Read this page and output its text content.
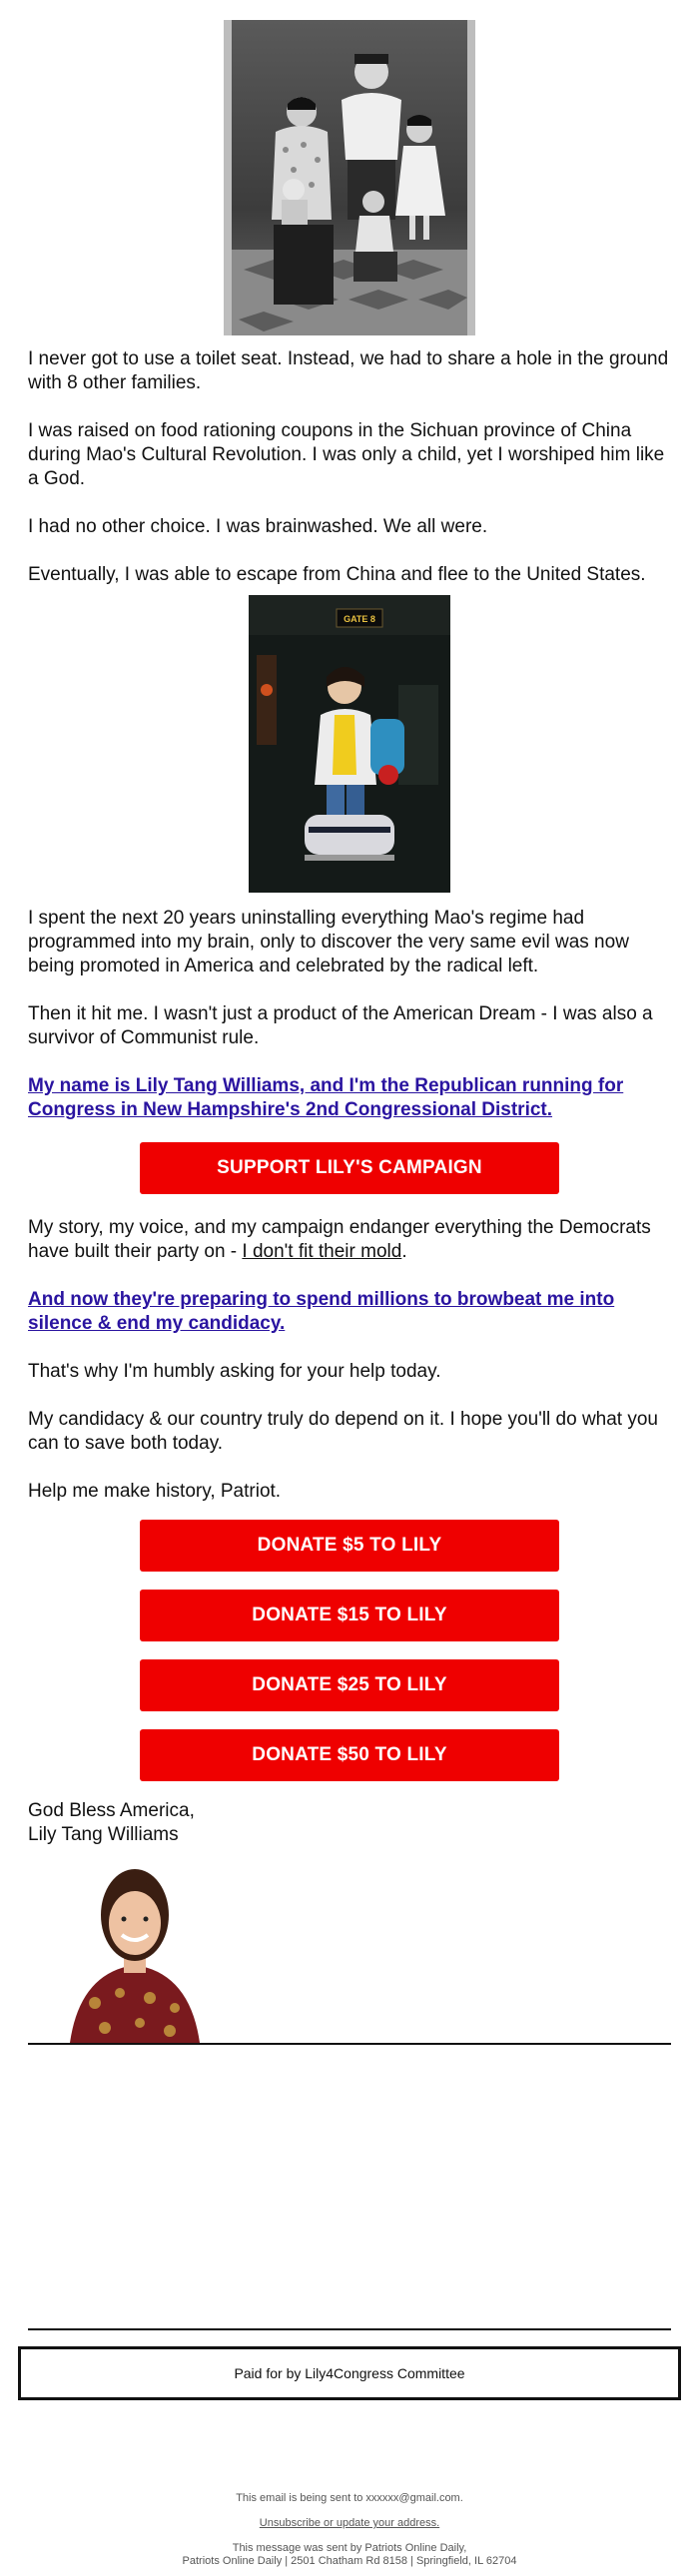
I never got to use a toilet seat. Instead, we had to share a hole in the ground with 8 other families.

I was raised on food rationing coupons in the Sichuan province of China during Mao's Cultural Revolution. I was only a child, yet I worshiped him like a God.

I had no other choice. I was brainwashed. We all were.

Eventually, I was able to escape from China and flee to the United States.

GATE 8

I spent the next 20 years uninstalling everything Mao's regime had programmed into my brain, only to discover the very same evil was now being promoted in America and celebrated by the radical left.

Then it hit me. I wasn't just a product of the American Dream - I was also a survivor of Communist rule.

My name is Lily Tang Williams, and I'm the Republican running for Congress in New Hampshire's 2nd Congressional District.

SUPPORT LILY'S CAMPAIGN

My story, my voice, and my campaign endanger everything the Democrats have built their party on - I don't fit their mold.

And now they're preparing to spend millions to browbeat me into silence & end my candidacy.

That's why I'm humbly asking for your help today.

My candidacy & our country truly do depend on it. I hope you'll do what you can to save both today.

Help me make history, Patriot.

DONATE $5 TO LILY
DONATE $15 TO LILY
DONATE $25 TO LILY
DONATE $50 TO LILY

God Bless America,

Lily Tang Williams

Paid for by Lily4Congress Committee
This email is being sent to xxxxxx@gmail.com.
Unsubscribe or update your address.
This message was sent by Patriots Online Daily,
Patriots Online Daily | 2501 Chatham Rd 8158 | Springfield, IL 62704
